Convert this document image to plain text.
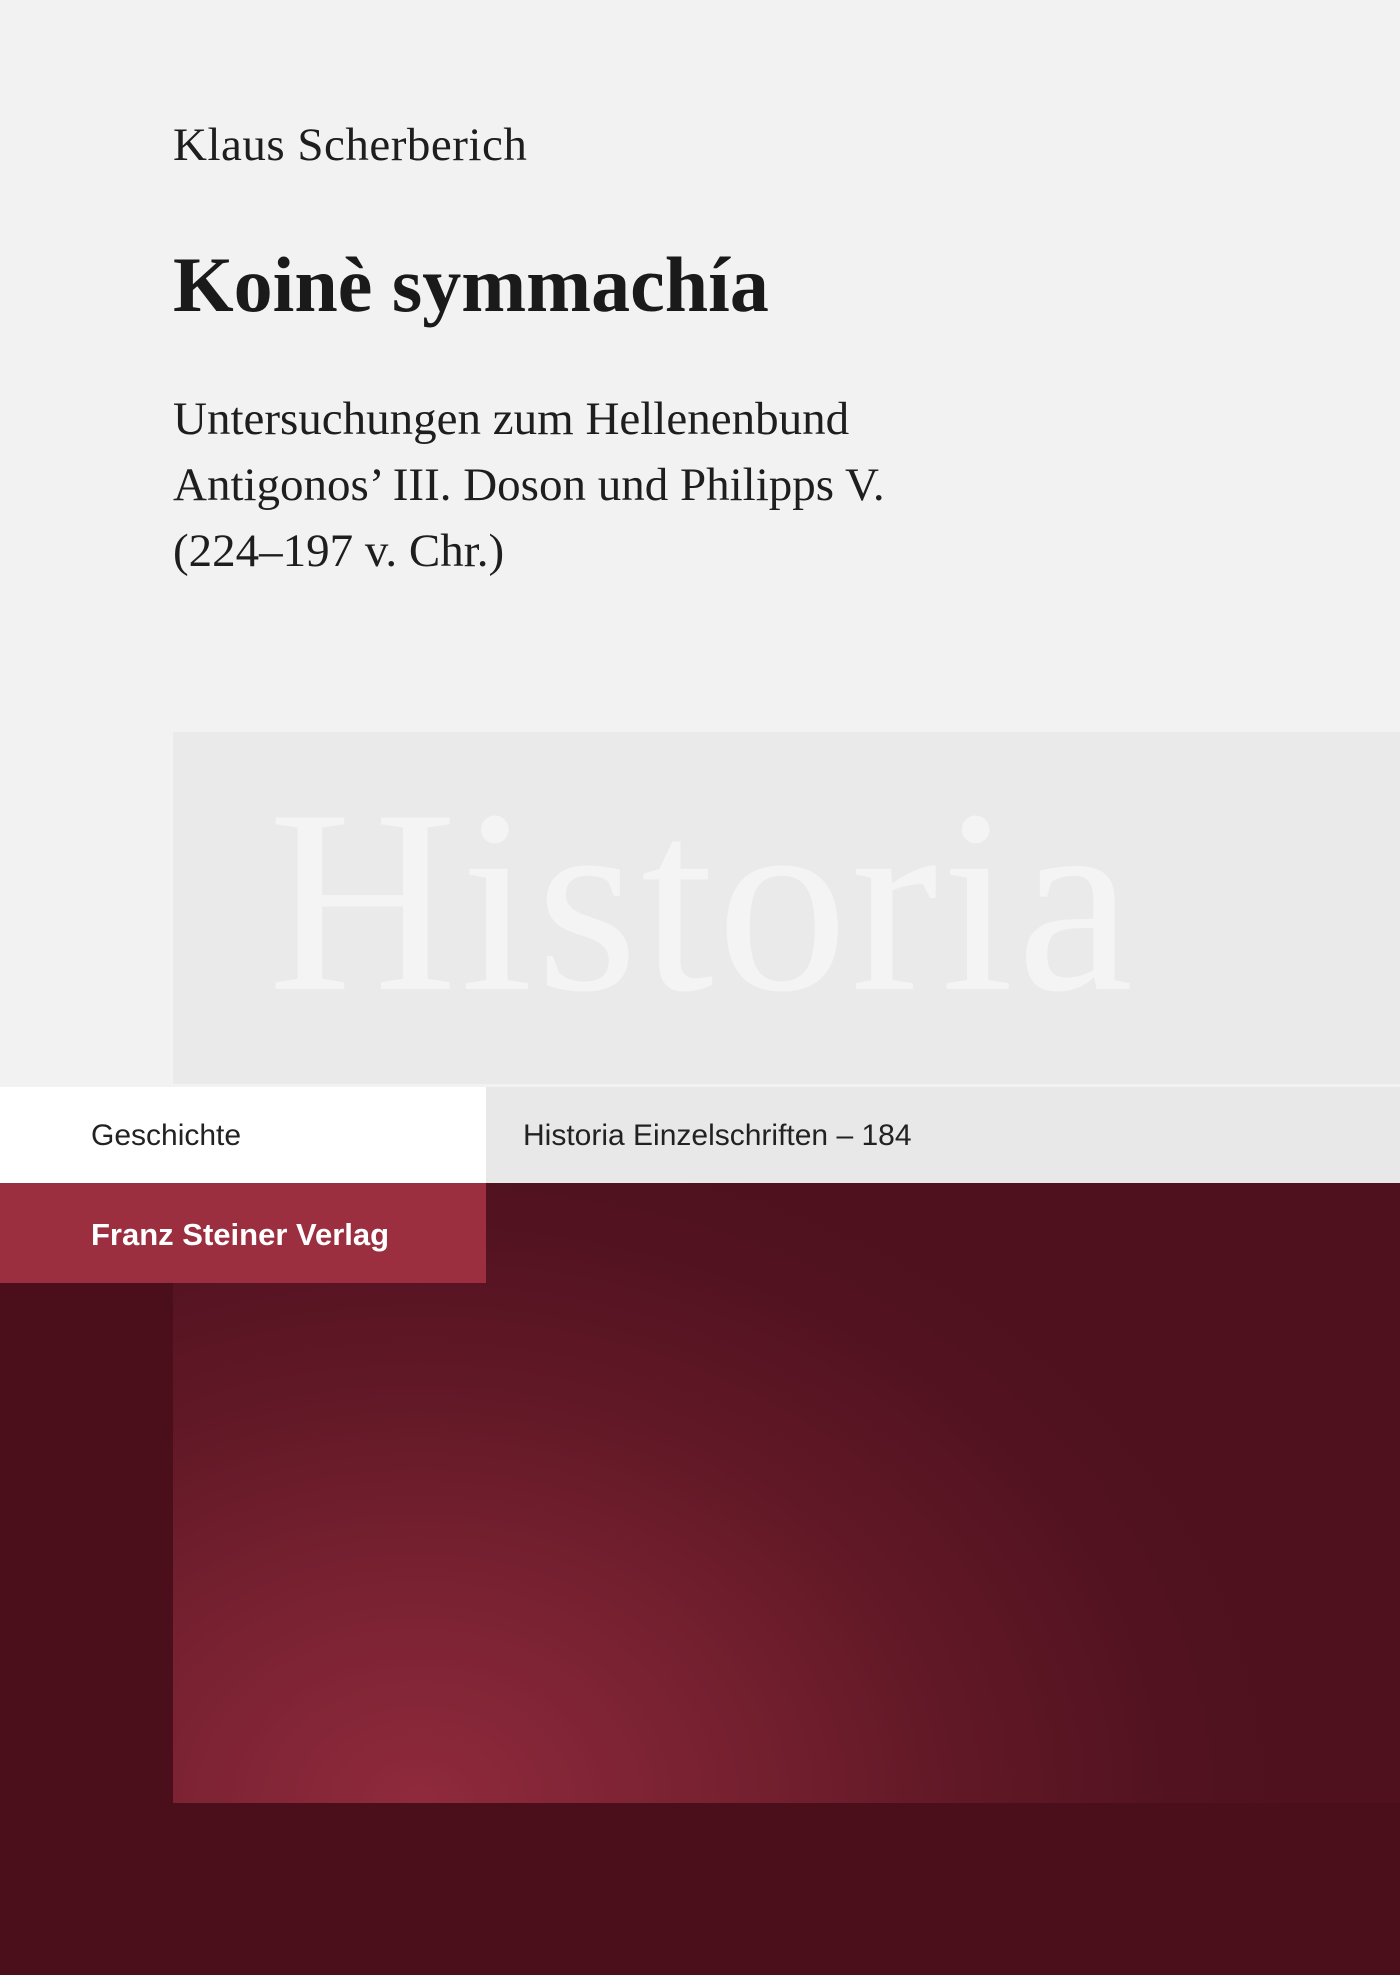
Klaus Scherberich
Koinè symmachía
Untersuchungen zum Hellenenbund
Antigonos’ III. Doson und Philipps V.
(224–197 v. Chr.)
Historia
Geschichte	Historia Einzelschriften – 184
Franz Steiner Verlag
